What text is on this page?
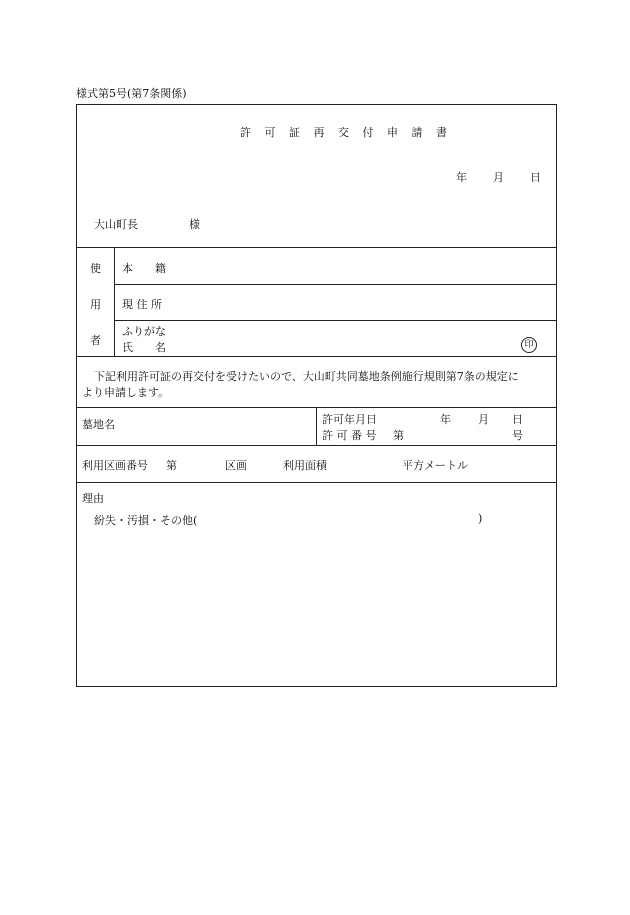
様式第5号(第7条関係)
許 可 証 再 交 付 申 請 書
年 月 日
大山町長	様
使
用
者
本　　籍
現 住 所
ふりがな
氏　　名	印
下記利用許可証の再交付を受けたいので、大山町共同墓地条例施行規則第7条の規定に
より申請します。
墓地名	許可年月日	年 月 日
許 可 番 号 第	号
利用区画番号 第	区画	利用面積	平方メートル
理由
紛失・汚損・その他(	)
